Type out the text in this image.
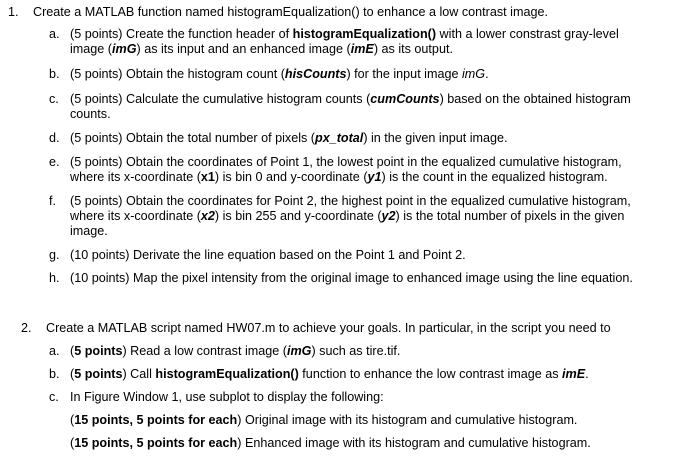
1. Create a MATLAB function named histogramEqualization() to enhance a low contrast image.
a. (5 points) Create the function header of histogramEqualization() with a lower constrast gray-level
image (imG) as its input and an enhanced image (imE) as its output.
b. (5 points) Obtain the histogram count (hisCounts) for the input image imG.
c. (5 points) Calculate the cumulative histogram counts (cumCounts) based on the obtained histogram
counts.
d. (5 points) Obtain the total number of pixels (px_total) in the given input image.
e. (5 points) Obtain the coordinates of Point 1, the lowest point in the equalized cumulative histogram,
where its x-coordinate (x1) is bin 0 and y-coordinate (y1) is the count in the equalized histogram.
f. (5 points) Obtain the coordinates for Point 2, the highest point in the equalized cumulative histogram,
where its x-coordinate (x2) is bin 255 and y-coordinate (y2) is the total number of pixels in the given
image.
g. (10 points) Derivate the line equation based on the Point 1 and Point 2.
h. (10 points) Map the pixel intensity from the original image to enhanced image using the line equation.
2. Create a MATLAB script named HW07.m to achieve your goals. In particular, in the script you need to
a. (5 points) Read a low contrast image (imG) such as tire.tif.
b. (5 points) Call histogramEqualization() function to enhance the low contrast image as imE.
c. In Figure Window 1, use subplot to display the following:
(15 points, 5 points for each) Original image with its histogram and cumulative histogram.
(15 points, 5 points for each) Enhanced image with its histogram and cumulative histogram.
